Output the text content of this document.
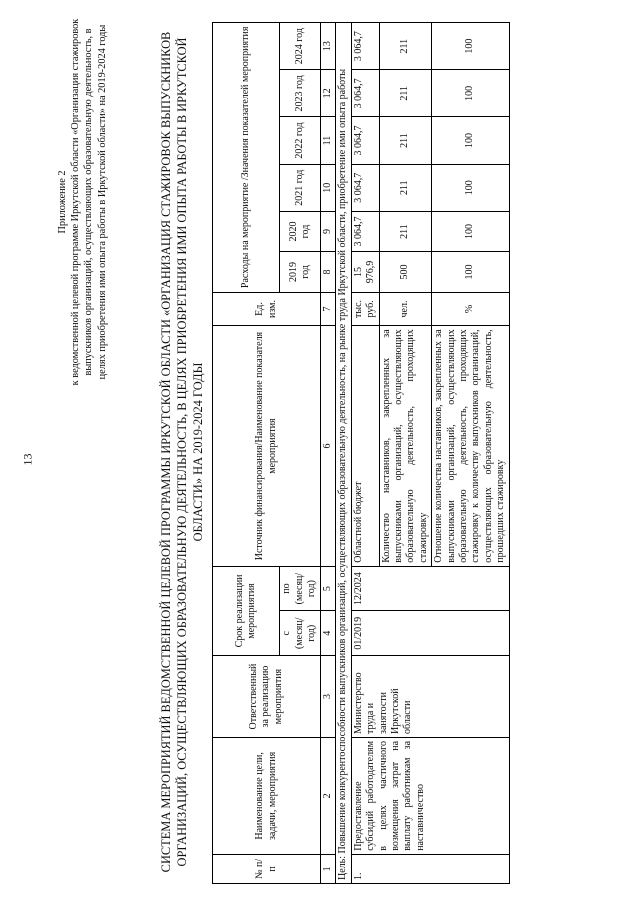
13
Приложение 2 к ведомственной целевой программе Иркутской области «Организация стажировок выпускников организаций, осуществляющих образовательную деятельность, в целях приобретения ими опыта работы в Иркутской области» на 2019-2024 годы	СИСТЕМА МЕРОПРИЯТИЙ ВЕДОМСТВЕННОЙ ЦЕЛЕВОЙ ПРОГРАММЫ ИРКУТСКОЙ ОБЛАСТИ «ОРГАНИЗАЦИЯ СТАЖИРОВОК ВЫПУСКНИКОВ ОРГАНИЗАЦИЙ, ОСУЩЕСТВЛЯЮЩИХ ОБРАЗОВАТЕЛЬНУЮ ДЕЯТЕЛЬНОСТЬ, В ЦЕЛЯХ ПРИОБРЕТЕНИЯ ИМИ ОПЫТА РАБОТЫ В ИРКУТСКОЙ ОБЛАСТИ» НА 2019-2024 ГОДЫ
№ п/п	Наименование цели, задачи, мероприятия	Ответственный за реализацию мероприятия	Срок реализации мероприятия		Источник финансирования/Наименование показателя мероприятия	Ед. изм.	Расходы на мероприятие /Значения показателей мероприятия					
			с (месяц/ год)	по (месяц/ год)			2019 год	2020 год	2021 год	2022 год	2023 год	2024 год
1	2	3	4	5	6	7	8	9	10	11	12	13
Цель: Повышение конкурентоспособности выпускников организаций, осуществляющих образовательную деятельность, на рынке труда Иркутской области, приобретение ими опыта работы												
1.	Предоставление субсидий работодателям в целях частичного возмещения затрат на выплату работникам за наставничество	Министерство труда и занятости Иркутской области	01/2019	12/2024	Областной бюджет	тыс. руб.	15 976,9	3 064,7	3 064,7	3 064,7	3 064,7	3 064,7
					Количество наставников, закрепленных за выпускниками организаций, осуществляющих образовательную деятельность, проходящих стажировку	чел.	500	211	211	211	211	211
					Отношение количества наставников, закрепленных за выпускниками организаций, осуществляющих образовательную деятельность, проходящих стажировку к количеству выпускников организаций, осуществляющих образовательную деятельность, прошедших стажировку	%	100	100	100	100	100	100
